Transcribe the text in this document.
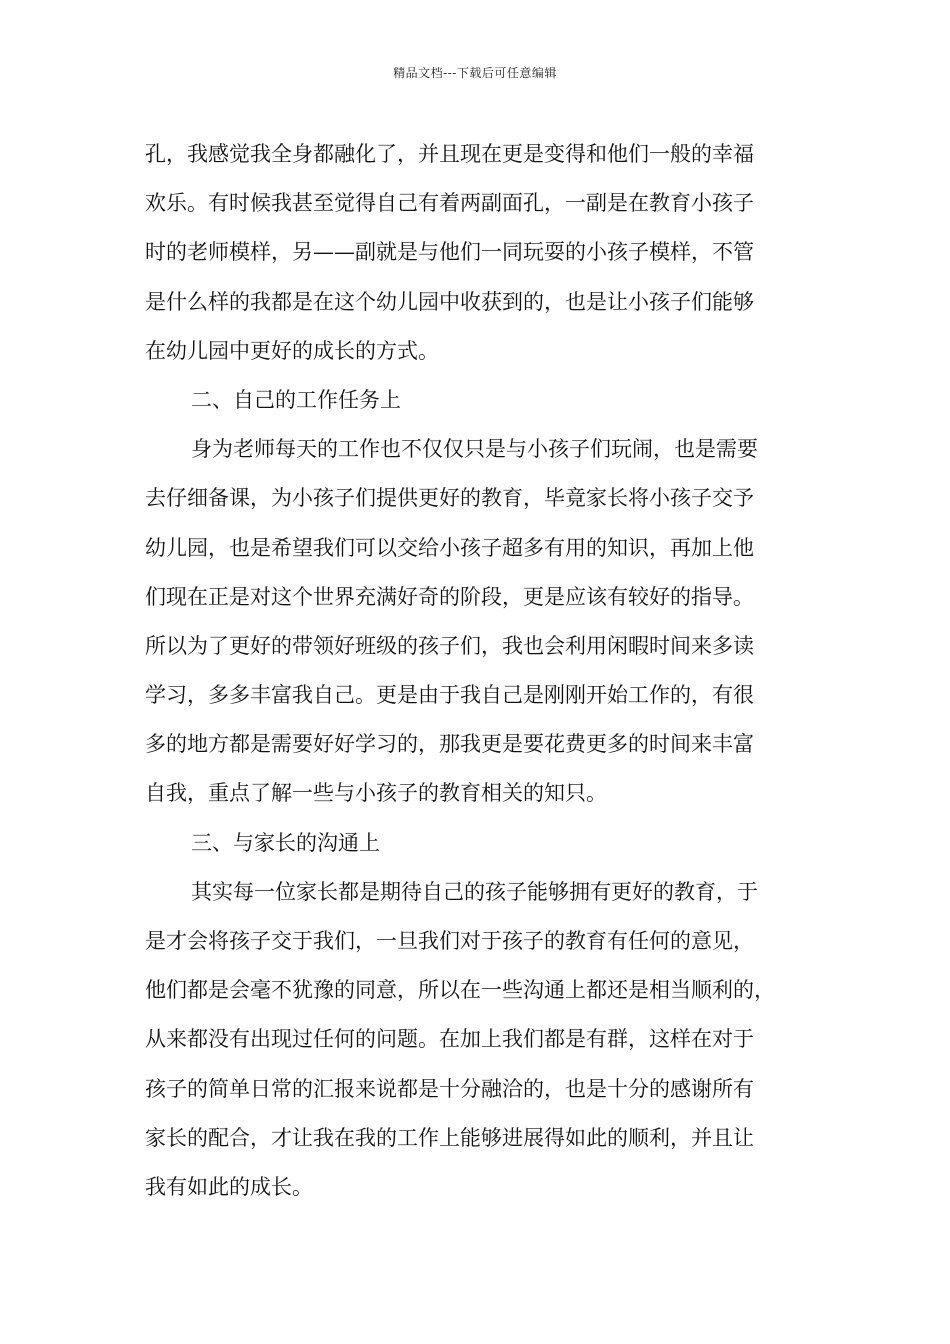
精品文档---下载后可任意编辑
孔，我感觉我全身都融化了，并且现在更是变得和他们一般的幸福
欢乐。有时候我甚至觉得自己有着两副面孔，一副是在教育小孩子
时的老师模样，另——副就是与他们一同玩耍的小孩子模样，不管
是什么样的我都是在这个幼儿园中收获到的，也是让小孩子们能够
在幼儿园中更好的成长的方式。
二、自己的工作任务上
身为老师每天的工作也不仅仅只是与小孩子们玩闹，也是需要
去仔细备课，为小孩子们提供更好的教育，毕竟家长将小孩子交予
幼儿园，也是希望我们可以交给小孩子超多有用的知识，再加上他
们现在正是对这个世界充满好奇的阶段，更是应该有较好的指导。
所以为了更好的带领好班级的孩子们，我也会利用闲暇时间来多读
学习，多多丰富我自己。更是由于我自己是刚刚开始工作的，有很
多的地方都是需要好好学习的，那我更是要花费更多的时间来丰富
自我，重点了解一些与小孩子的教育相关的知只。
三、与家长的沟通上
其实每一位家长都是期待自己的孩子能够拥有更好的教育，于
是才会将孩子交于我们，一旦我们对于孩子的教育有任何的意见，
他们都是会毫不犹豫的同意，所以在一些沟通上都还是相当顺利的，
从来都没有出现过任何的问题。在加上我们都是有群，这样在对于
孩子的简单日常的汇报来说都是十分融洽的，也是十分的感谢所有
家长的配合，才让我在我的工作上能够进展得如此的顺利，并且让
我有如此的成长。
